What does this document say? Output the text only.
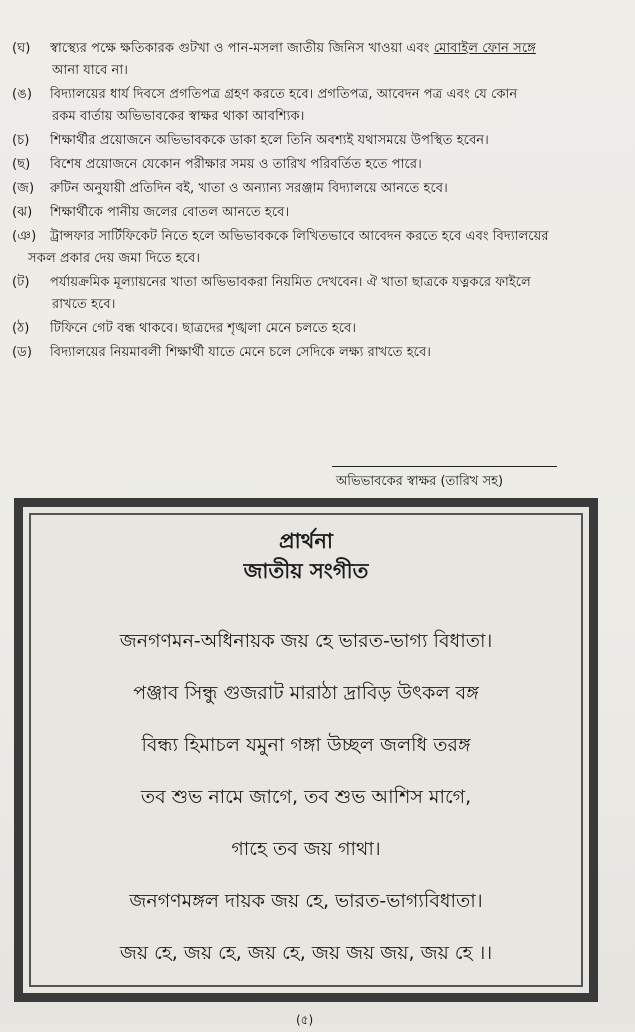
(ঘ)	স্বাস্থ্যের পক্ষে ক্ষতিকারক গুটখা ও পান-মসলা জাতীয় জিনিস খাওয়া এবং মোবাইল ফোন সঙ্গে
আনা যাবে না।
(ঙ)	বিদ্যালয়ের ধার্য দিবসে প্রগতিপত্র গ্রহণ করতে হবে। প্রগতিপত্র, আবেদন পত্র এবং যে কোন
রকম বার্তায় অভিভাবকের স্বাক্ষর থাকা আবশ্যিক।
(চ)	শিক্ষার্থীর প্রয়োজনে অভিভাবককে ডাকা হলে তিনি অবশ্যই যথাসময়ে উপস্থিত হবেন।
(ছ)	বিশেষ প্রয়োজনে যেকোন পরীক্ষার সময় ও তারিখ পরিবর্তিত হতে পারে।
(জ)	রুটিন অনুযায়ী প্রতিদিন বই, খাতা ও অন্যান্য সরঞ্জাম বিদ্যালয়ে আনতে হবে।
(ঝ)	শিক্ষার্থীকে পানীয় জলের বোতল আনতে হবে।
(ঞ)	ট্রান্সফার সার্টিফিকেট নিতে হলে অভিভাবককে লিখিতভাবে আবেদন করতে হবে এবং বিদ্যালয়ের
সকল প্রকার দেয় জমা দিতে হবে।
(ট)	পর্যায়ক্রমিক মূল্যায়নের খাতা অভিভাবকরা নিয়মিত দেখবেন। ঐ খাতা ছাত্রকে যত্নকরে ফাইলে
রাখতে হবে।
(ঠ)	টিফিনে গেট বন্ধ থাকবে। ছাত্রদের শৃঙ্খলা মেনে চলতে হবে।
(ড)	বিদ্যালয়ের নিয়মাবলী শিক্ষার্থী যাতে মেনে চলে সেদিকে লক্ষ্য রাখতে হবে।
অভিভাবকের স্বাক্ষর (তারিখ সহ)
প্রার্থনা
জাতীয় সংগীত
জনগণমন-অধিনায়ক জয় হে ভারত-ভাগ্য বিধাতা।
পঞ্জাব সিন্ধু গুজরাট মারাঠা দ্রাবিড় উৎকল বঙ্গ
বিন্ধ্য হিমাচল যমুনা গঙ্গা উচ্ছল জলধি তরঙ্গ
তব শুভ নামে জাগে, তব শুভ আশিস মাগে,
গাহে তব জয় গাথা।
জনগণমঙ্গল দায়ক জয় হে, ভারত-ভাগ্যবিধাতা।
জয় হে, জয় হে, জয় হে, জয় জয় জয়, জয় হে ।।
(৫)
